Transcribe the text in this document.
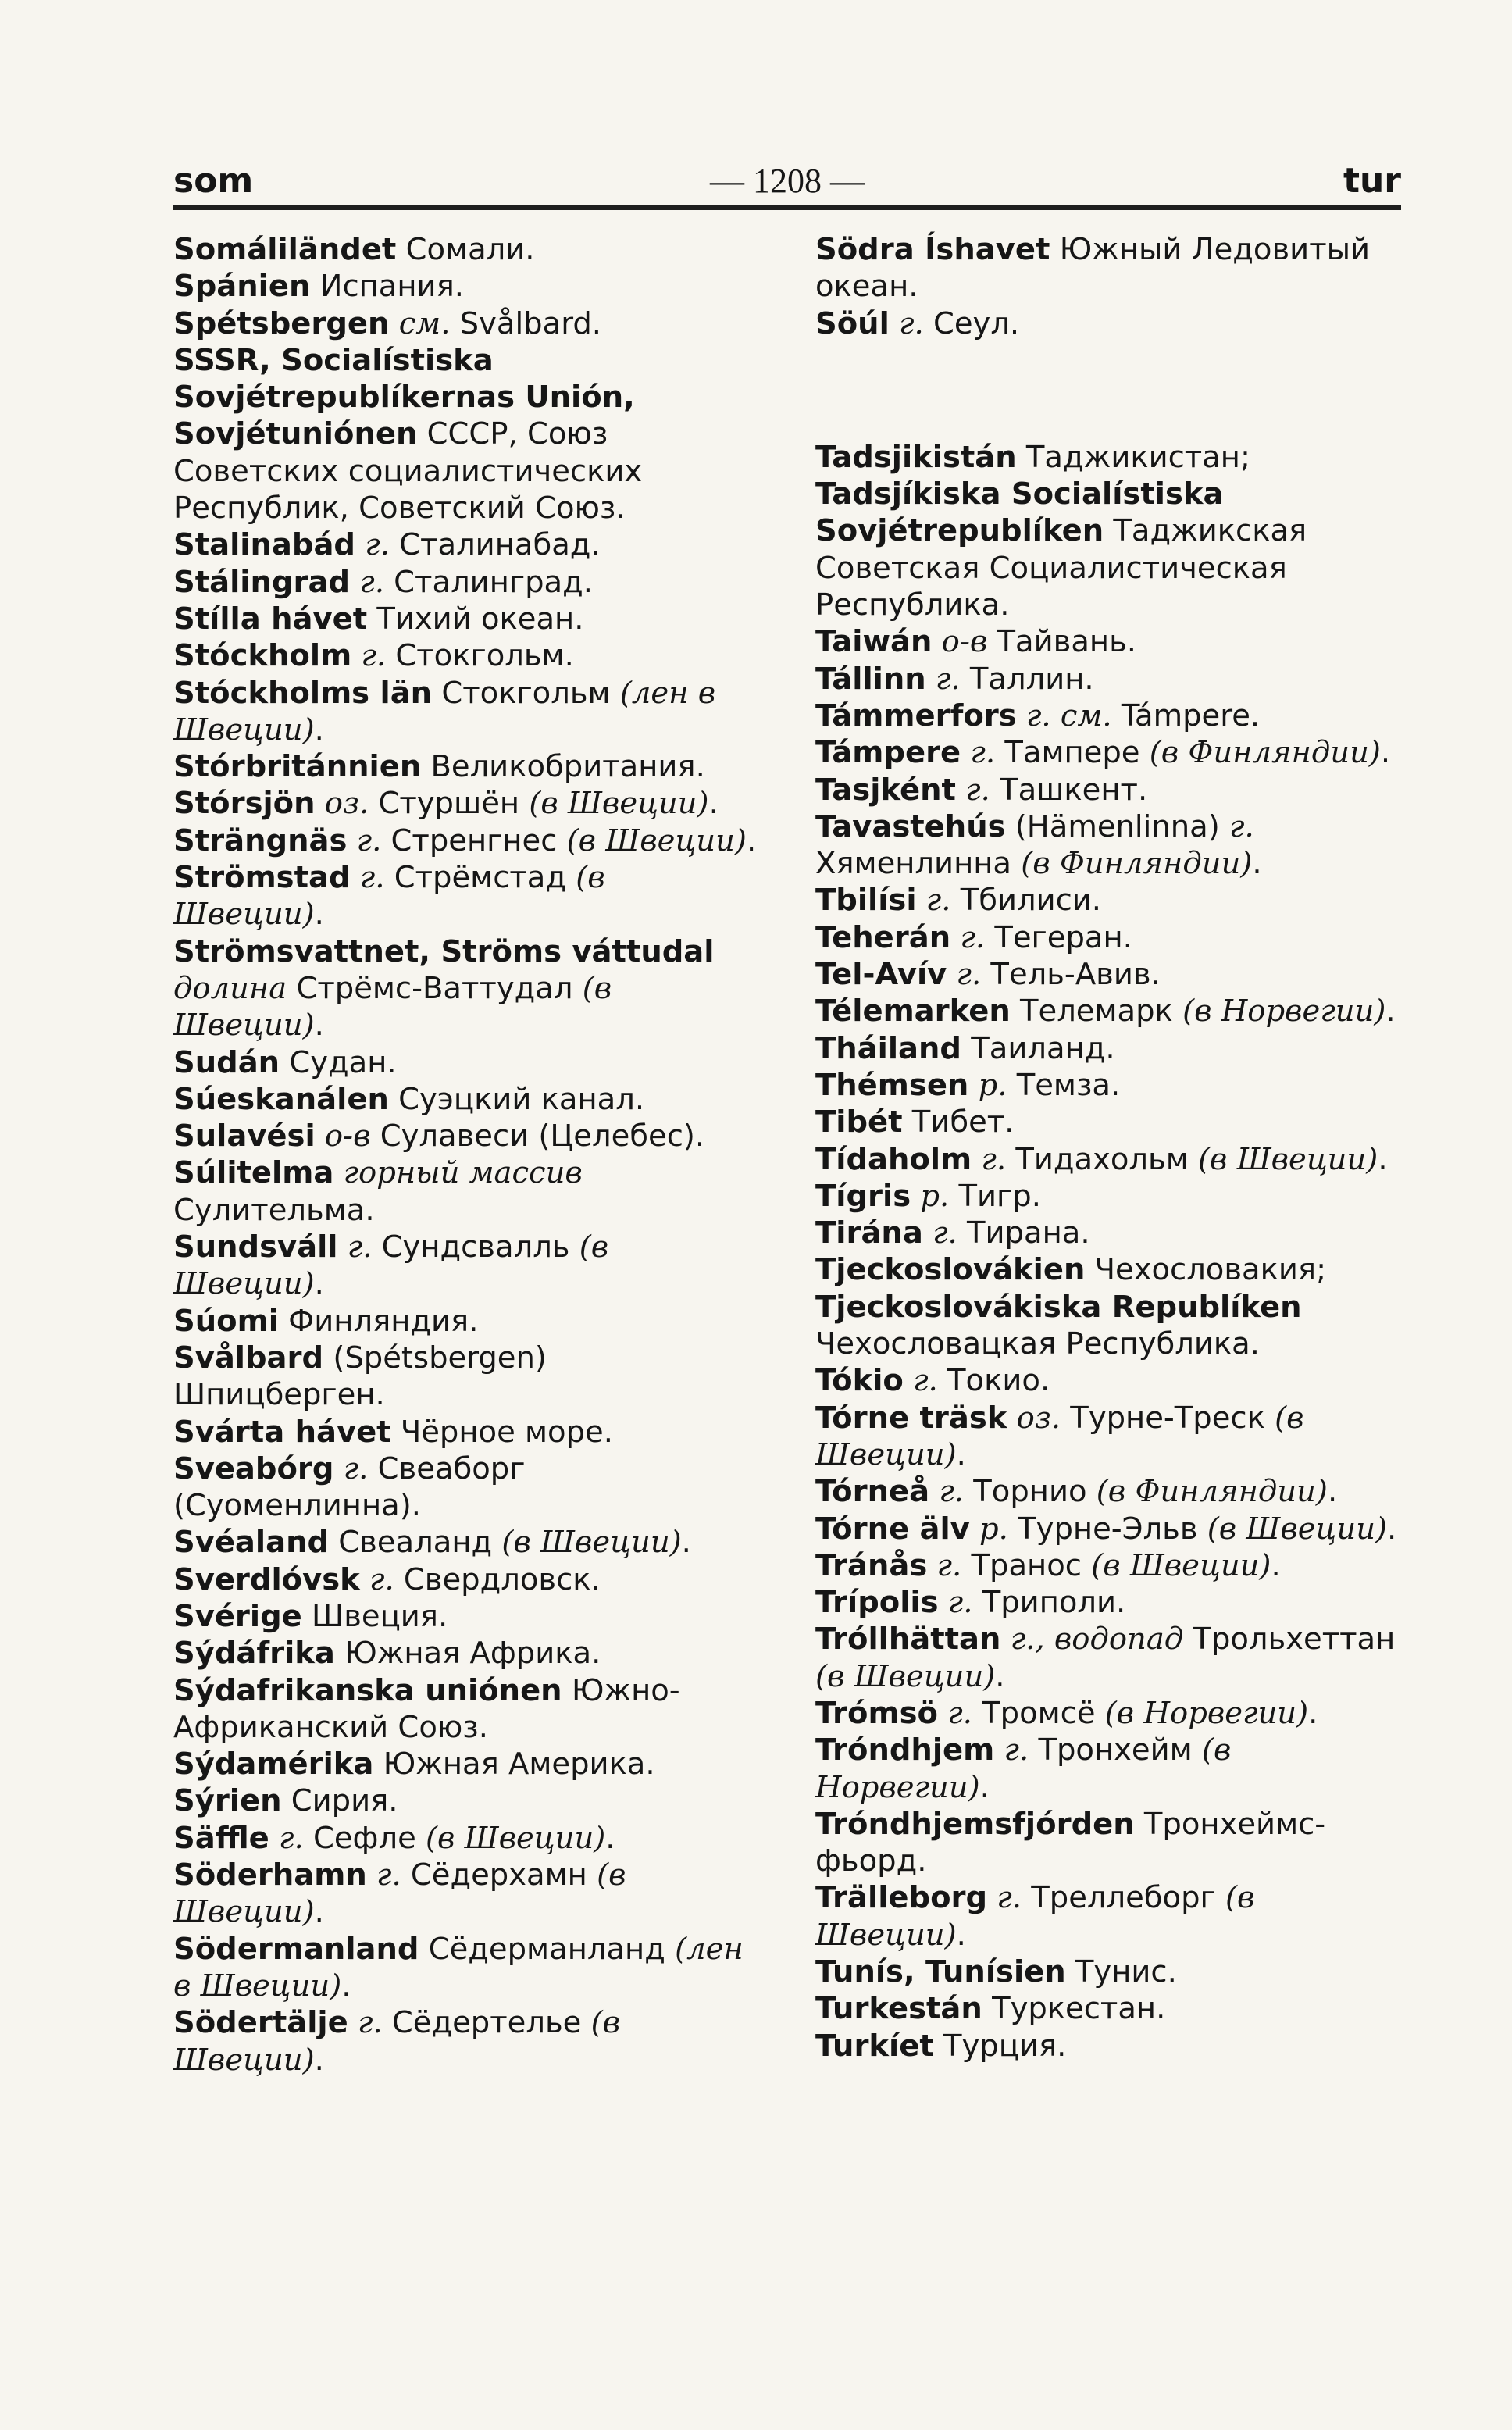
som	— 1208 —	tur

Somáliländet Сомали.

Spánien Испания.

Spétsbergen см. Svålbard.

SSSR, Socialístiska Sovjétrepublíkernas Unión, Sovjétuniónen СССР, Союз Советских социалистических Республик, Советский Союз.

Stalinabád г. Сталинабад.

Stálingrad г. Сталинград.

Stílla hávet Тихий океан.

Stóckholm г. Стокгольм.

Stóckholms län Стокгольм (лен в Швеции).

Stórbritánnien Великобритания.

Stórsjön оз. Стуршён (в Швеции).

Strängnäs г. Стренгнес (в Швеции).

Strömstad г. Стрёмстад (в Швеции).

Strömsvattnet, Ströms váttudal долина Стрёмс-Ваттудал (в Швеции).

Sudán Судан.

Súeskanálen Суэцкий канал.

Sulavési о-в Сулавеси (Целебес).

Súlitelma горный массив Сулительма.

Sundsváll г. Сундсвалль (в Швеции).

Súomi Финляндия.

Svålbard (Spétsbergen) Шпицберген.

Svárta hávet Чёрное море.

Sveabórg г. Свеаборг (Суоменлинна).

Svéaland Свеаланд (в Швеции).

Sverdlóvsk г. Свердловск.

Svérige Швеция.

Sýdáfrika Южная Африка.

Sýdafrikanska uniónen Южно-Африканский Союз.

Sýdamérika Южная Америка.

Sýrien Сирия.

Säffle г. Сефле (в Швеции).

Söderhamn г. Сёдерхамн (в Швеции).

Södermanland Сёдерманланд (лен в Швеции).

Södertälje г. Сёдертелье (в Швеции).

Södra Íshavet Южный Ледовитый океан.

Söúl г. Сеул.

Tadsjikistán Таджикистан; Tadsjíkiska Socialístiska Sovjétrepublíken Таджикская Советская Социалистическая Республика.

Taiwán о-в Тайвань.

Tállinn г. Таллин.

Támmerfors г. см. Támpere.

Támpere г. Тампере (в Финляндии).

Tasjként г. Ташкент.

Tavastehús (Hämenlinna) г. Хяменлинна (в Финляндии).

Tbilísi г. Тбилиси.

Teherán г. Тегеран.

Tel-Avív г. Тель-Авив.

Télemarken Телемарк (в Норвегии).

Tháiland Таиланд.

Thémsen р. Темза.

Tibét Тибет.

Tídaholm г. Тидахольм (в Швеции).

Tígris р. Тигр.

Tirána г. Тирана.

Tjeckoslovákien Чехословакия; Tjeckoslovákiska Republíken Чехословацкая Республика.

Tókio г. Токио.

Tórne träsk оз. Турне-Треск (в Швеции).

Tórneå г. Торнио (в Финляндии).

Tórne älv р. Турне-Эльв (в Швеции).

Tránås г. Транос (в Швеции).

Trípolis г. Триполи.

Tróllhättan г., водопад Трольхеттан (в Швеции).

Trómsö г. Тромсё (в Норвегии).

Tróndhjem г. Тронхейм (в Норвегии).

Tróndhjemsfjórden Тронхеймс-фьорд.

Trälleborg г. Треллеборг (в Швеции).

Tunís, Tunísien Тунис.

Turkestán Туркестан.

Turkíet Турция.
